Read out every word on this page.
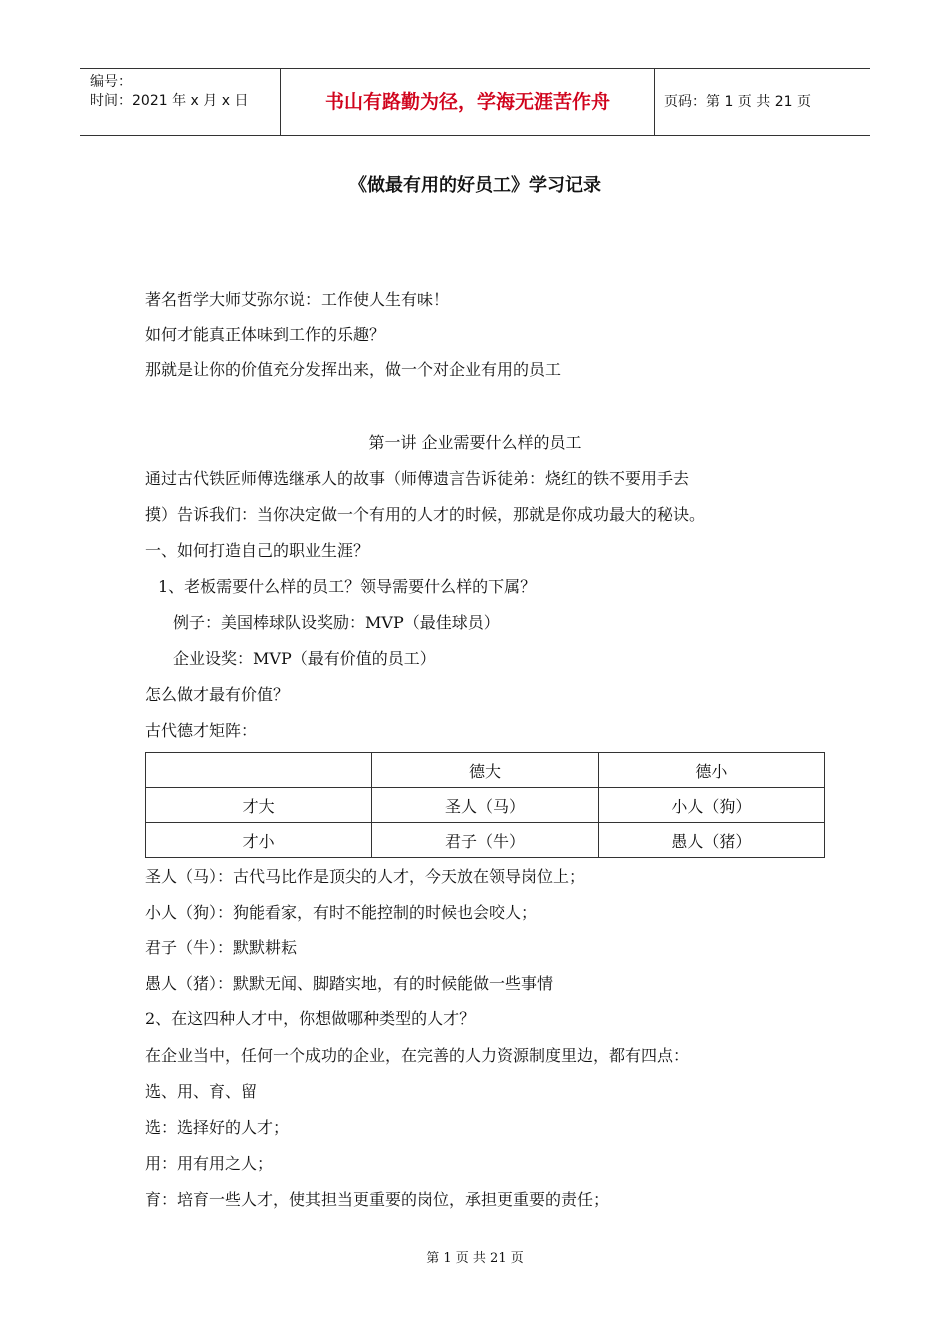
编号：
时间：2021 年 x 月 x 日	书山有路勤为径，学海无涯苦作舟	页码：第 1 页 共 21 页
《做最有用的好员工》学习记录
著名哲学大师艾弥尔说：工作使人生有味！
如何才能真正体味到工作的乐趣？
那就是让你的价值充分发挥出来，做一个对企业有用的员工
第一讲 企业需要什么样的员工
通过古代铁匠师傅选继承人的故事（师傅遗言告诉徒弟：烧红的铁不要用手去
摸）告诉我们：当你决定做一个有用的人才的时候，那就是你成功最大的秘诀。
一、如何打造自己的职业生涯？
1、老板需要什么样的员工？领导需要什么样的下属？
例子：美国棒球队设奖励：MVP（最佳球员）
企业设奖：MVP（最有价值的员工）
怎么做才最有价值？
古代德才矩阵：
	德大	德小
才大	圣人（马）	小人（狗）
才小	君子（牛）	愚人（猪）
圣人（马）：古代马比作是顶尖的人才，今天放在领导岗位上；
小人（狗）：狗能看家，有时不能控制的时候也会咬人；
君子（牛）：默默耕耘
愚人（猪）：默默无闻、脚踏实地，有的时候能做一些事情
2、在这四种人才中，你想做哪种类型的人才？
在企业当中，任何一个成功的企业，在完善的人力资源制度里边，都有四点：
选、用、育、留
选：选择好的人才；
用：用有用之人；
育：培育一些人才，使其担当更重要的岗位，承担更重要的责任；
第 1 页 共 21 页
